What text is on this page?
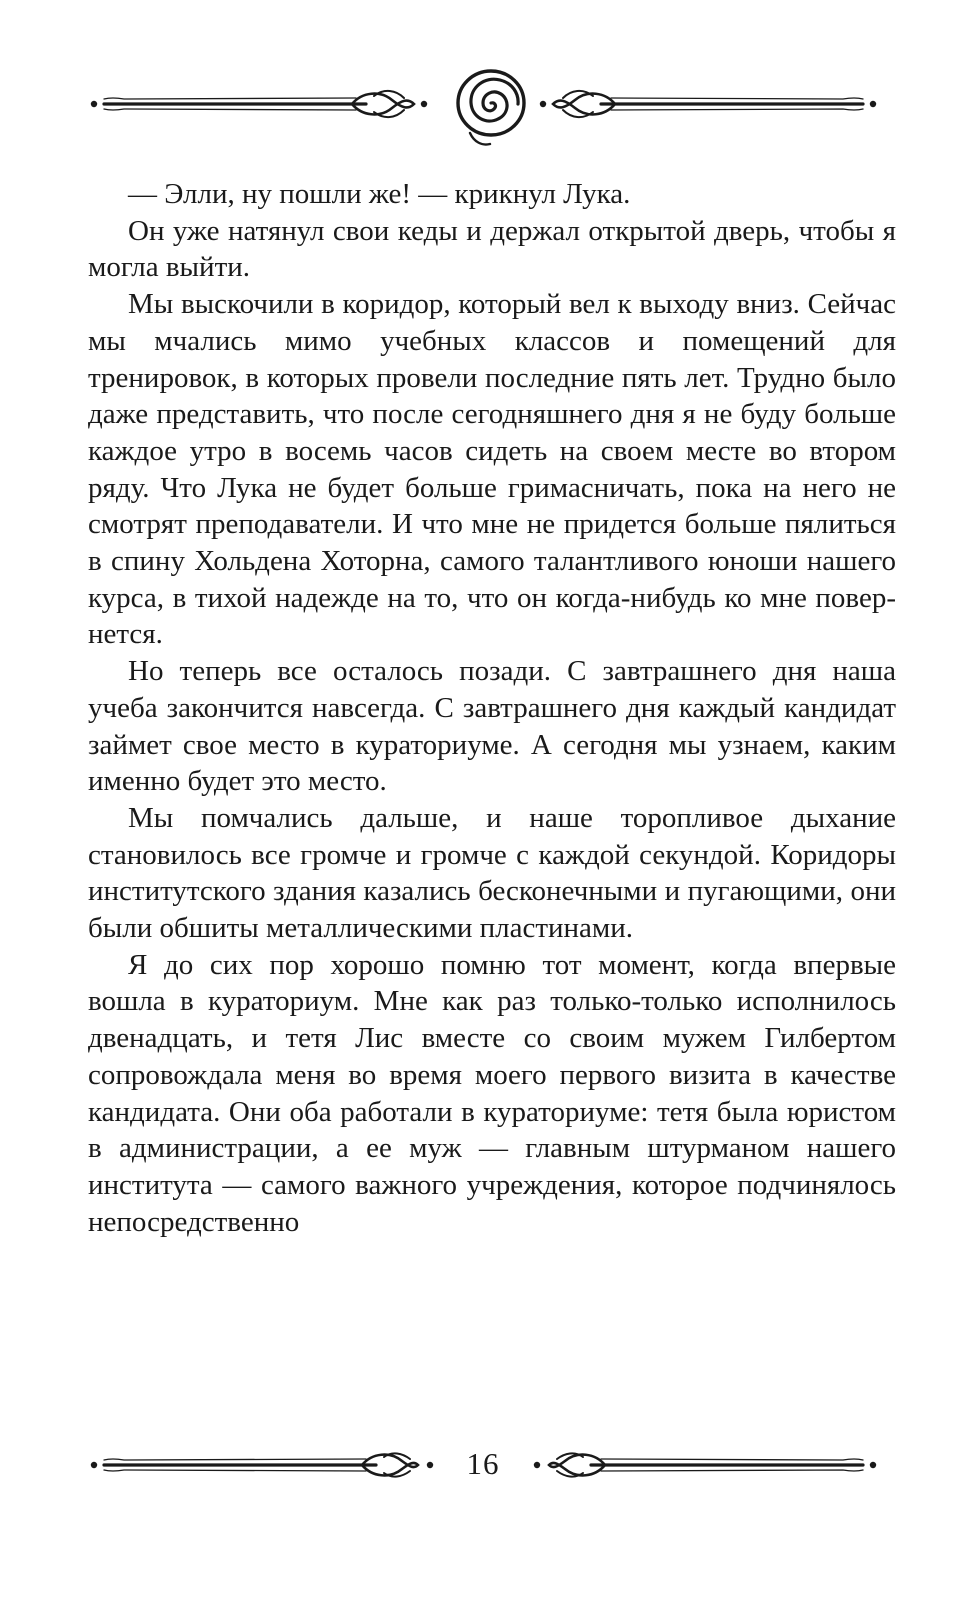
— Элли, ну пошли же! — крикнул Лука.

Он уже натянул свои кеды и держал открытой дверь, чтобы я могла выйти.

Мы выскочили в коридор, который вел к выходу вниз. Сейчас мы мчались мимо учебных классов и помещений для тренировок, в которых провели последние пять лет. Трудно было даже представить, что после сегодняшнего дня я не буду больше каждое утро в восемь часов сидеть на своем месте во втором ряду. Что Лука не будет больше гримасничать, пока на него не смотрят преподаватели. И что мне не придется больше пялиться в спину Хольдена Хоторна, самого талантливого юноши нашего курса, в тихой надежде на то, что он когда-нибудь ко мне повернется.

Но теперь все осталось позади. С завтрашнего дня наша учеба закончится навсегда. С завтрашнего дня каждый кандидат займет свое место в кураториуме. А сегодня мы узнаем, каким именно будет это место.

Мы помчались дальше, и наше торопливое дыхание становилось все громче и громче с каждой секундой. Коридоры институтского здания казались бесконечными и пугающими, они были обшиты металлическими пластинами.

Я до сих пор хорошо помню тот момент, когда впервые вошла в кураториум. Мне как раз только-только исполнилось двенадцать, и тетя Лис вместе со своим мужем Гилбертом сопровождала меня во время моего первого визита в качестве кандидата. Они оба работали в кураториуме: тетя была юристом в администрации, а ее муж — главным штурманом нашего института — самого важного учреждения, которое подчинялось непосредственно

16
